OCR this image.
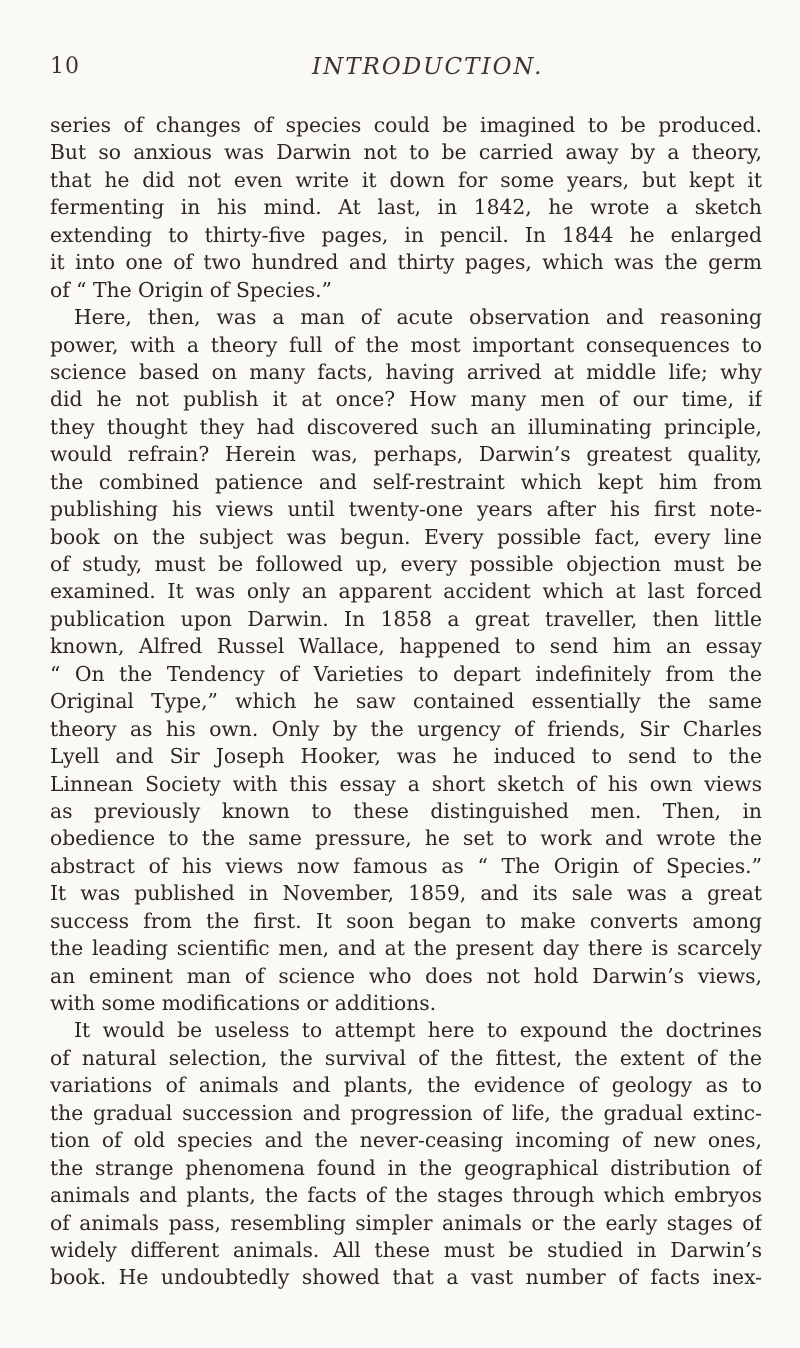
10	INTRODUCTION.
series of changes of species could be imagined to be produced.
But so anxious was Darwin not to be carried away by a theory,
that he did not even write it down for some years, but kept it
fermenting in his mind. At last, in 1842, he wrote a sketch
extending to thirty-five pages, in pencil. In 1844 he enlarged
it into one of two hundred and thirty pages, which was the germ
of “ The Origin of Species.”
Here, then, was a man of acute observation and reasoning
power, with a theory full of the most important consequences to
science based on many facts, having arrived at middle life; why
did he not publish it at once? How many men of our time, if
they thought they had discovered such an illuminating principle,
would refrain? Herein was, perhaps, Darwin’s greatest quality,
the combined patience and self-restraint which kept him from
publishing his views until twenty-one years after his first note-
book on the subject was begun. Every possible fact, every line
of study, must be followed up, every possible objection must be
examined. It was only an apparent accident which at last forced
publication upon Darwin. In 1858 a great traveller, then little
known, Alfred Russel Wallace, happened to send him an essay
“ On the Tendency of Varieties to depart indefinitely from the
Original Type,” which he saw contained essentially the same
theory as his own. Only by the urgency of friends, Sir Charles
Lyell and Sir Joseph Hooker, was he induced to send to the
Linnean Society with this essay a short sketch of his own views
as previously known to these distinguished men. Then, in
obedience to the same pressure, he set to work and wrote the
abstract of his views now famous as “ The Origin of Species.”
It was published in November, 1859, and its sale was a great
success from the first. It soon began to make converts among
the leading scientific men, and at the present day there is scarcely
an eminent man of science who does not hold Darwin’s views,
with some modifications or additions.
It would be useless to attempt here to expound the doctrines
of natural selection, the survival of the fittest, the extent of the
variations of animals and plants, the evidence of geology as to
the gradual succession and progression of life, the gradual extinc-
tion of old species and the never-ceasing incoming of new ones,
the strange phenomena found in the geographical distribution of
animals and plants, the facts of the stages through which embryos
of animals pass, resembling simpler animals or the early stages of
widely different animals. All these must be studied in Darwin’s
book. He undoubtedly showed that a vast number of facts inex-
